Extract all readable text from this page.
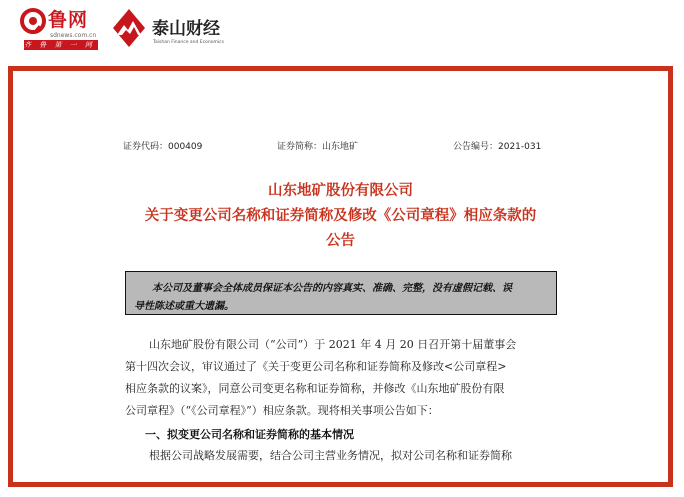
鲁网
sdnews.com.cn
齐 鲁 第 一 网 站
泰山财经
Taishan Finance and Economics
证券代码：000409	证券简称：山东地矿	公告编号：2021-031
山东地矿股份有限公司
关于变更公司名称和证券简称及修改《公司章程》相应条款的
公告
本公司及董事会全体成员保证本公告的内容真实、准确、完整，没有虚假记载、误
导性陈述或重大遗漏。
山东地矿股份有限公司（“公司”）于 2021 年 4 月 20 日召开第十届董事会
第十四次会议，审议通过了《关于变更公司名称和证券简称及修改<公司章程>
相应条款的议案》，同意公司变更名称和证券简称，并修改《山东地矿股份有限
公司章程》（“《公司章程》”）相应条款。现将相关事项公告如下：
一、拟变更公司名称和证券简称的基本情况
根据公司战略发展需要，结合公司主营业务情况，拟对公司名称和证券简称
